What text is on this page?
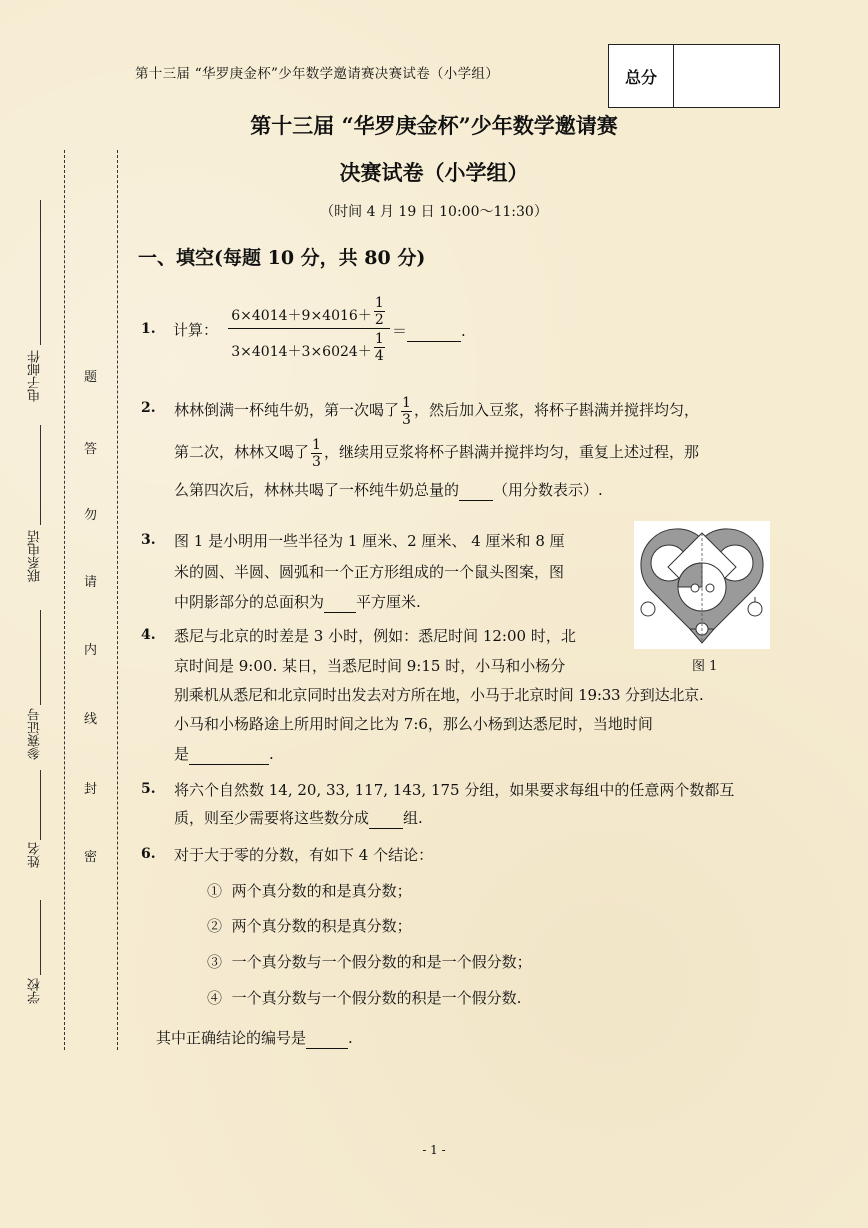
第十三届 “华罗庚金杯”少年数学邀请赛决赛试卷（小学组）	总分
第十三届 “华罗庚金杯”少年数学邀请赛
决赛试卷（小学组）
（时间 4 月 19 日 10:00～11:30）
一、填空(每题 10 分，共 80 分)
电子邮件
联系电话
参赛证号
姓名
学校
题
答
勿
请
内
线
封
密
1. 计算：
$6\times 4014+9\times 4016+ \frac{1}{2}$
$3\times 4014+3\times 6024+ \frac{1}{4}$ ＝	.
2. 林林倒满一杯纯牛奶，第一次喝了 $\frac{1}{3}$ ，然后加入豆浆，将杯子斟满并搅拌均匀，
第二次，林林又喝了 $\frac{1}{3}$ ，继续用豆浆将杯子斟满并搅拌均匀，重复上述过程，那
么第四次后，林林共喝了一杯纯牛奶总量的 （用分数表示）.
3. 图 1 是小明用一些半径为 1 厘米、2 厘米、 4 厘米和 8 厘
米的圆、半圆、圆弧和一个正方形组成的一个鼠头图案，图
中阴影部分的总面积为 平方厘米.
图 1
4. 悉尼与北京的时差是 3 小时，例如：悉尼时间 12:00 时，北
京时间是 9:00. 某日，当悉尼时间 9:15 时，小马和小杨分
别乘机从悉尼和北京同时出发去对方所在地，小马于北京时间 19:33 分到达北京.
小马和小杨路途上所用时间之比为 7:6，那么小杨到达悉尼时，当地时间
是	.
5. 将六个自然数 14, 20, 33, 117, 143, 175 分组，如果要求每组中的任意两个数都互
质，则至少需要将这些数分成 组.
6. 对于大于零的分数，有如下 4 个结论：
① 两个真分数的和是真分数；
② 两个真分数的积是真分数；
③ 一个真分数与一个假分数的和是一个假分数；
④ 一个真分数与一个假分数的积是一个假分数.
其中正确结论的编号是	.
- 1 -
